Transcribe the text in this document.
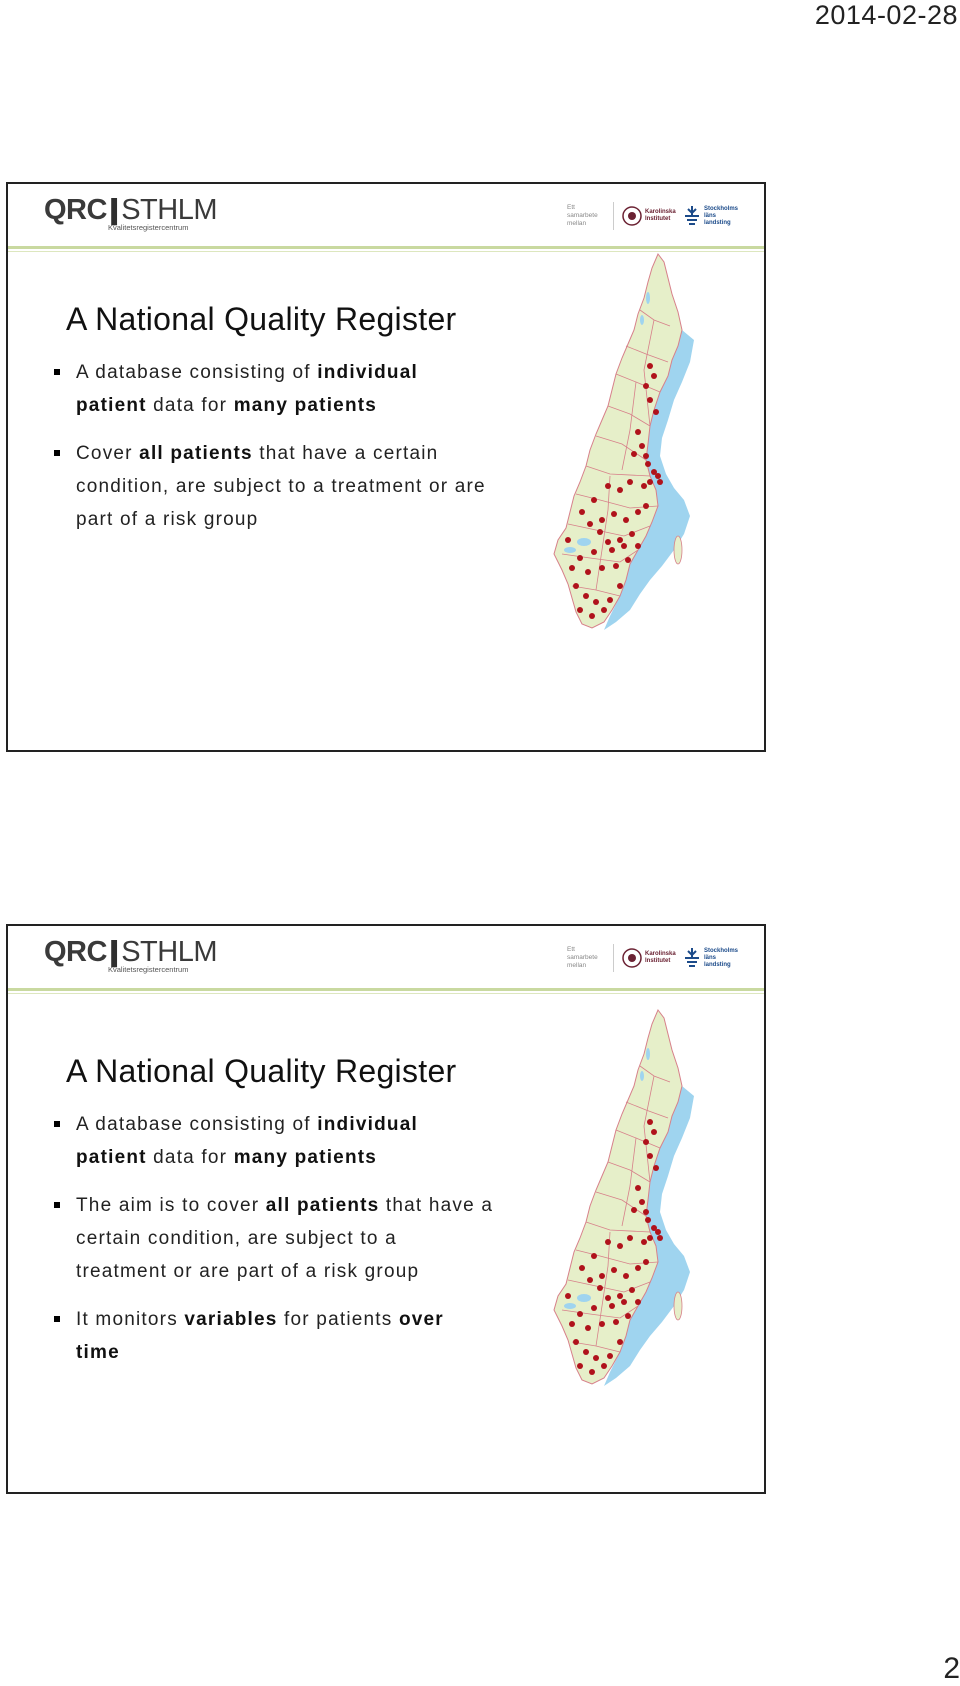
2014-02-28
QRC|| STHLM
Kvalitetsregistercentrum
Ett samarbete mellan
Karolinska Institutet
Stockholms läns landsting
A National Quality Register
A database consisting of individual patient data for many patients
Cover all patients that have a certain condition, are subject to a treatment or are part of a risk group
QRC|| STHLM
Kvalitetsregistercentrum
Ett samarbete mellan
Karolinska Institutet
Stockholms läns landsting
A National Quality Register
A database consisting of individual patient data for many patients
The aim is to cover all patients that have a certain condition, are subject to a treatment or are part of a risk group
It monitors variables for patients over time
2
